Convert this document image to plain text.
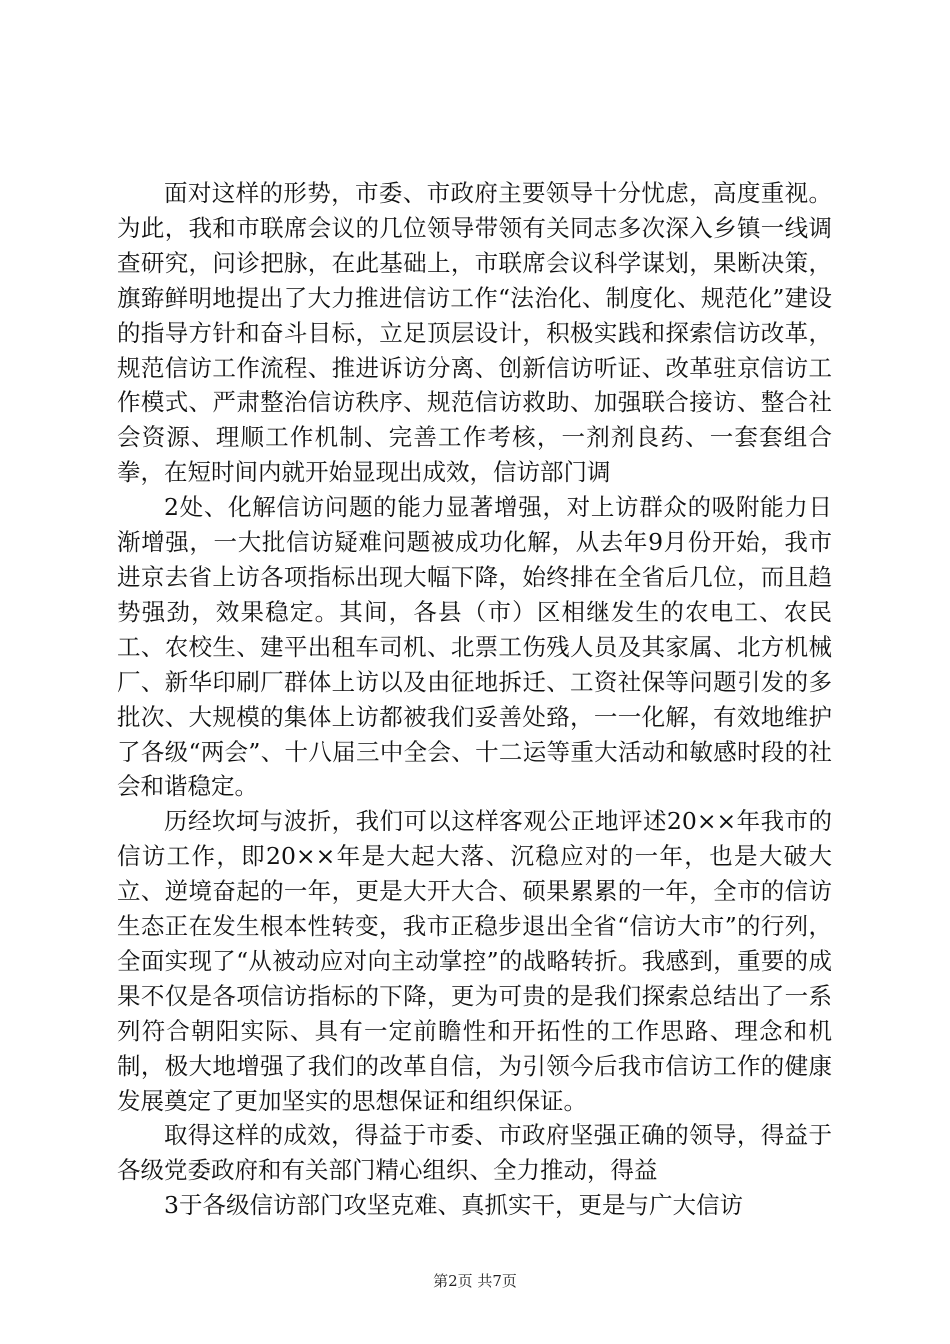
面对这样的形势，市委、市政府主要领导十分忧虑，高度重视。为此，我和市联席会议的几位领导带领有关同志多次深入乡镇一线调查研究，问诊把脉，在此基础上，市联席会议科学谋划，果断决策，旗臶鲜明地提出了大力推进信访工作“法治化、制度化、规范化”建设的指导方针和奋斗目标，立足顶层设计，积极实践和探索信访改革，规范信访工作流程、推进诉访分离、创新信访听证、改革驻京信访工作模式、严肃整治信访秩序、规范信访救助、加强联合接访、整合社会资源、理顺工作机制、完善工作考核，一剂剂良药、一套套组合拳，在短时间内就开始显现出成效，信访部门调

2处、化解信访问题的能力显著增强，对上访群众的吸附能力日渐增强，一大批信访疑难问题被成功化解，从去年9月份开始，我市进京去省上访各项指标出现大幅下降，始终排在全省后几位，而且趋势强劲，效果稳定。其间，各县（市）区相继发生的农电工、农民工、农校生、建平出租车司机、北票工伤残人员及其家属、北方机械厂、新华印刷厂群体上访以及由征地拆迁、工资社保等问题引发的多批次、大规模的集体上访都被我们妥善处臵，一一化解，有效地维护了各级“两会”、十八届三中全会、十二运等重大活动和敏感时段的社会和谐稳定。

历经坎坷与波折，我们可以这样客观公正地评述20××年我市的信访工作，即20××年是大起大落、沉稳应对的一年，也是大破大立、逆境奋起的一年，更是大开大合、硕果累累的一年，全市的信访生态正在发生根本性转变，我市正稳步退出全省“信访大市”的行列，全面实现了“从被动应对向主动掌控”的战略转折。我感到，重要的成果不仅是各项信访指标的下降，更为可贵的是我们探索总结出了一系列符合朝阳实际、具有一定前瞻性和开拓性的工作思路、理念和机制，极大地增强了我们的改革自信，为引领今后我市信访工作的健康发展奠定了更加坚实的思想保证和组织保证。

取得这样的成效，得益于市委、市政府坚强正确的领导，得益于各级党委政府和有关部门精心组织、全力推动，得益

3于各级信访部门攻坚克难、真抓实干，更是与广大信访

第2页 共7页
